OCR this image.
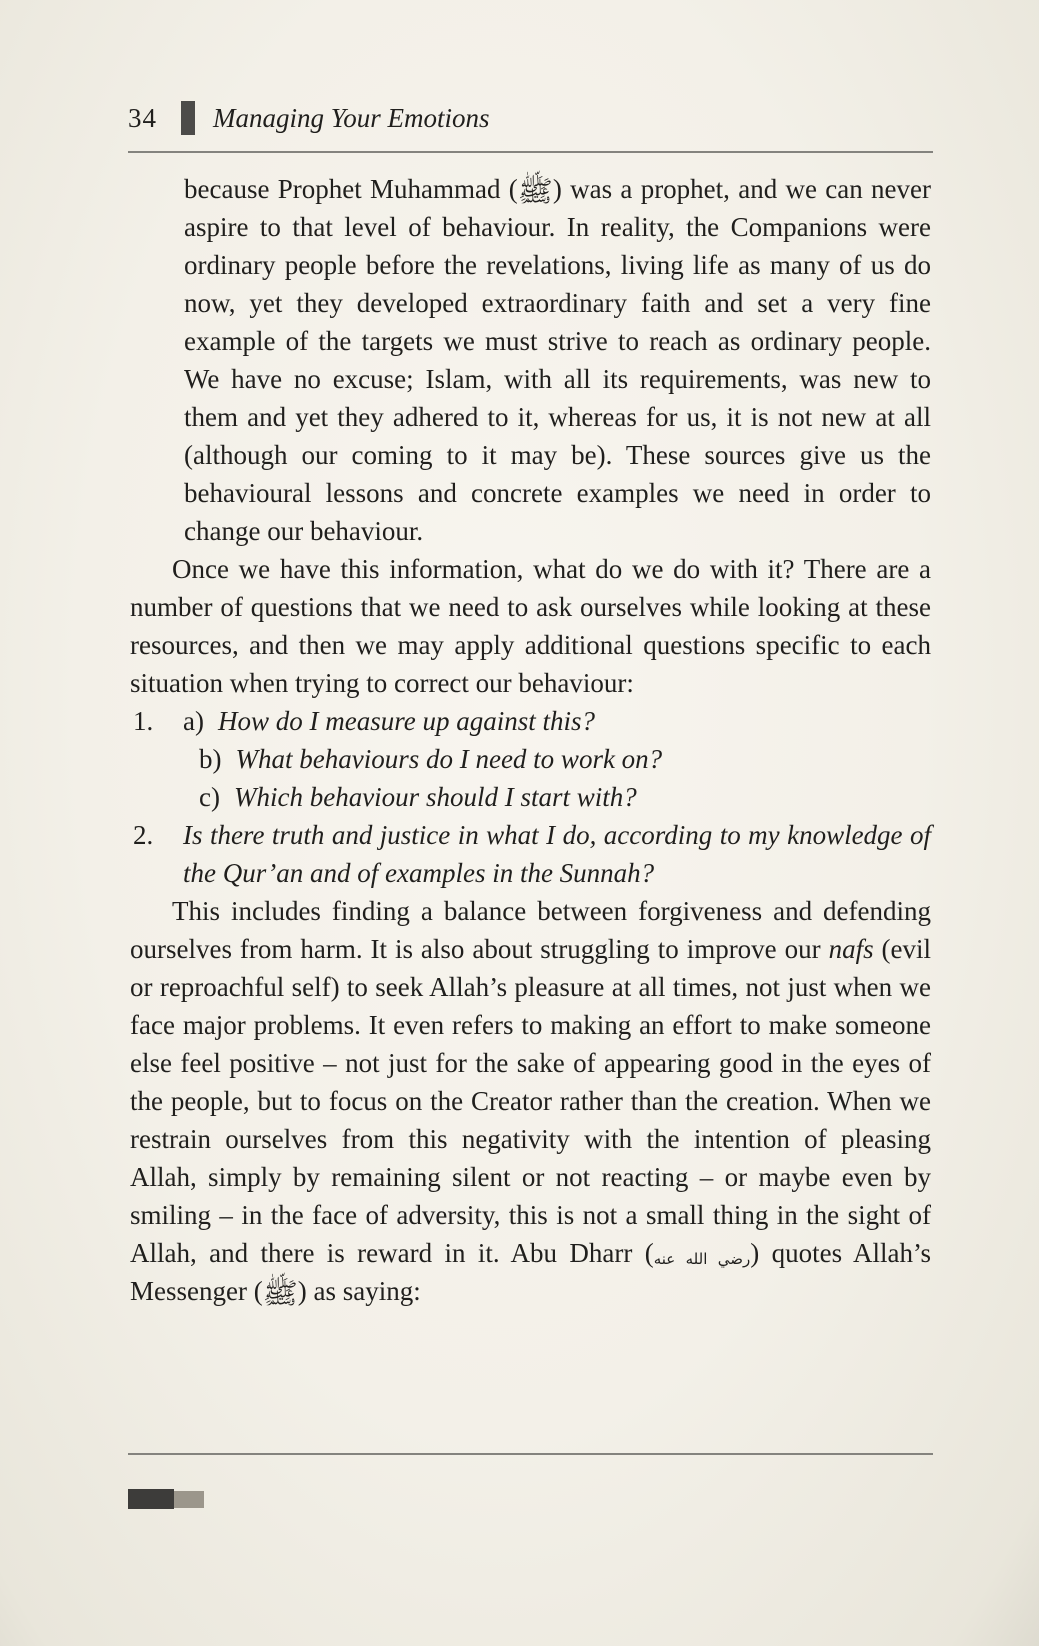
34 Managing Your Emotions

because Prophet Muhammad (ﷺ) was a prophet, and we can never aspire to that level of behaviour. In reality, the Companions were ordinary people before the revelations, living life as many of us do now, yet they developed extraordinary faith and set a very fine example of the targets we must strive to reach as ordinary people. We have no excuse; Islam, with all its requirements, was new to them and yet they adhered to it, whereas for us, it is not new at all (although our coming to it may be). These sources give us the behavioural lessons and concrete examples we need in order to change our behaviour.

Once we have this information, what do we do with it? There are a number of questions that we need to ask ourselves while looking at these resources, and then we may apply additional questions specific to each situation when trying to correct our behaviour:

1. a) How do I measure up against this?
b) What behaviours do I need to work on?
c) Which behaviour should I start with?
2. Is there truth and justice in what I do, according to my knowledge of the Qur’an and of examples in the Sunnah?

This includes finding a balance between forgiveness and defending ourselves from harm. It is also about struggling to improve our nafs (evil or reproachful self) to seek Allah’s pleasure at all times, not just when we face major problems. It even refers to making an effort to make someone else feel positive – not just for the sake of appearing good in the eyes of the people, but to focus on the Creator rather than the creation. When we restrain ourselves from this negativity with the intention of pleasing Allah, simply by remaining silent or not reacting – or maybe even by smiling – in the face of adversity, this is not a small thing in the sight of Allah, and there is reward in it. Abu Dharr (رضي الله عنه) quotes Allah’s Messenger (ﷺ) as saying:
